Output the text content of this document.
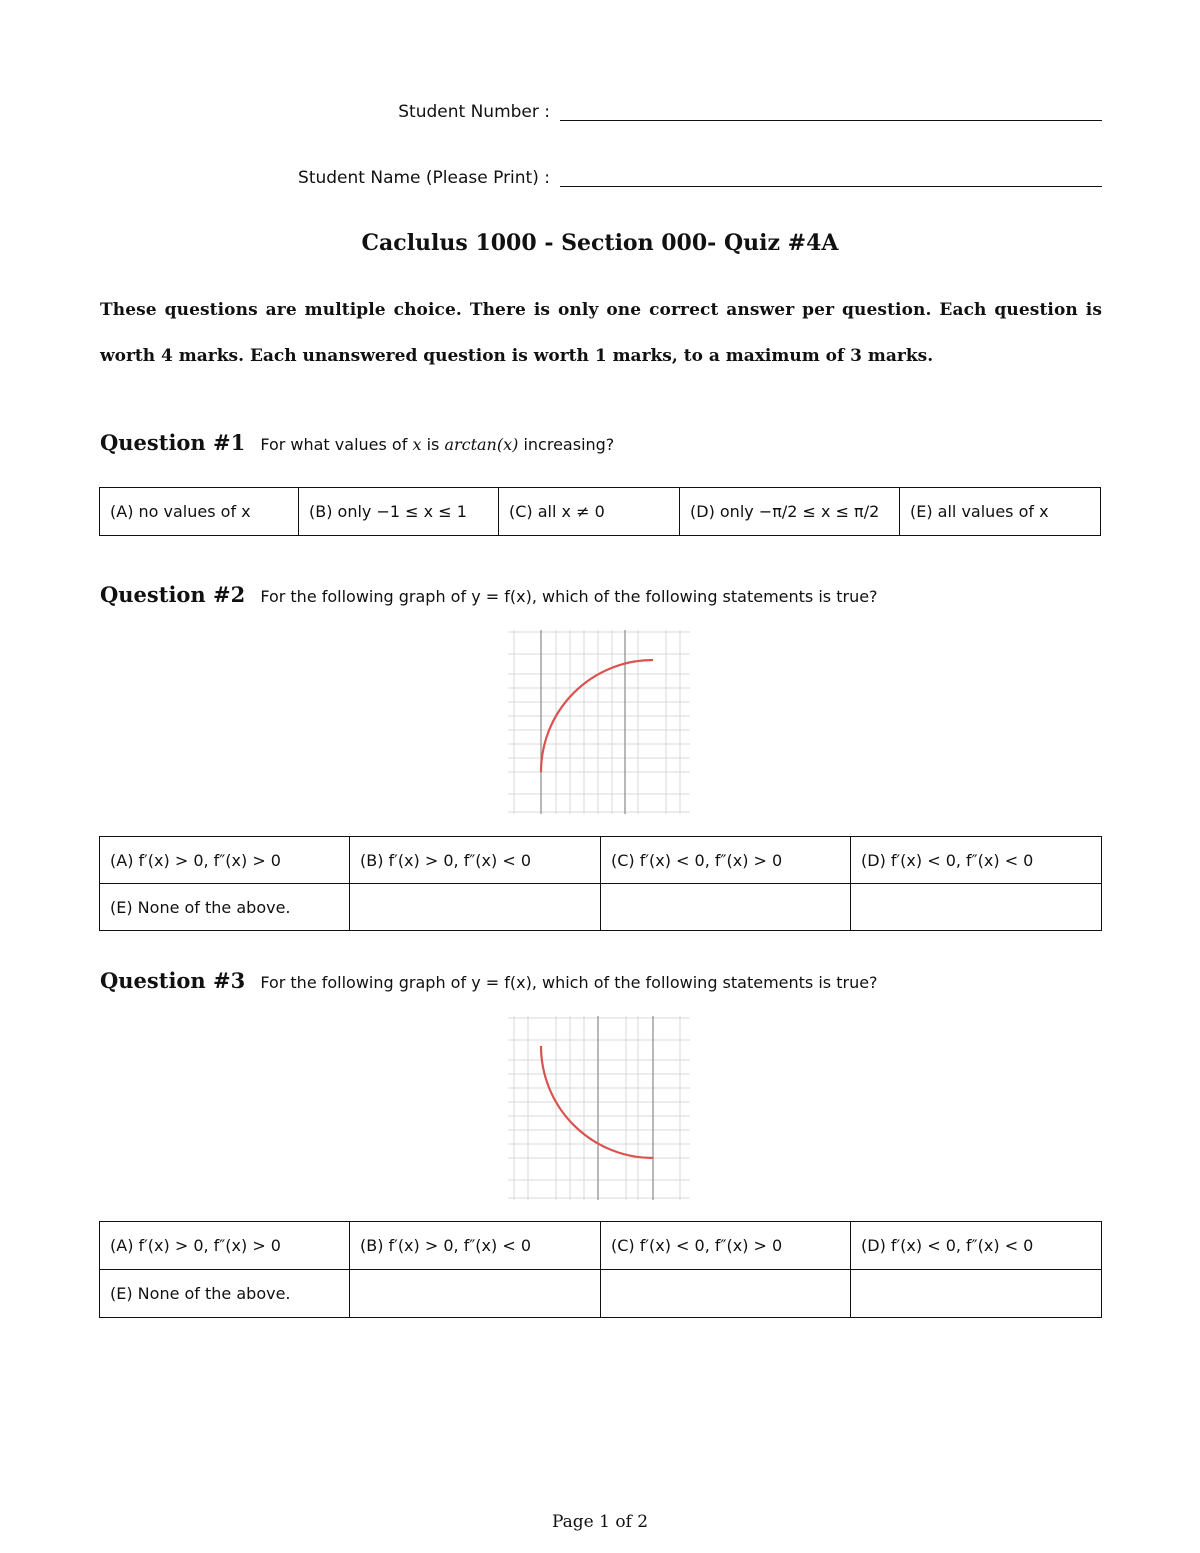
Student Number :
Student Name (Please Print) :
Caclulus 1000 - Section 000- Quiz #4A
These questions are multiple choice. There is only one correct answer per question. Each question is
worth 4 marks. Each unanswered question is worth 1 marks, to a maximum of 3 marks.
Question #1 For what values of x is arctan(x) increasing?
(A) no values of x	(B) only −1 ≤ x ≤ 1	(C) all x ≠ 0	(D) only −π/2 ≤ x ≤ π/2	(E) all values of x
Question #2 For the following graph of y = f(x), which of the following statements is true?
(A) f′(x) > 0, f″(x) > 0	(B) f′(x) > 0, f″(x) < 0	(C) f′(x) < 0, f″(x) > 0	(D) f′(x) < 0, f″(x) < 0
(E) None of the above.			
Question #3 For the following graph of y = f(x), which of the following statements is true?
(A) f′(x) > 0, f″(x) > 0	(B) f′(x) > 0, f″(x) < 0	(C) f′(x) < 0, f″(x) > 0	(D) f′(x) < 0, f″(x) < 0
(E) None of the above.			
Page 1 of 2
